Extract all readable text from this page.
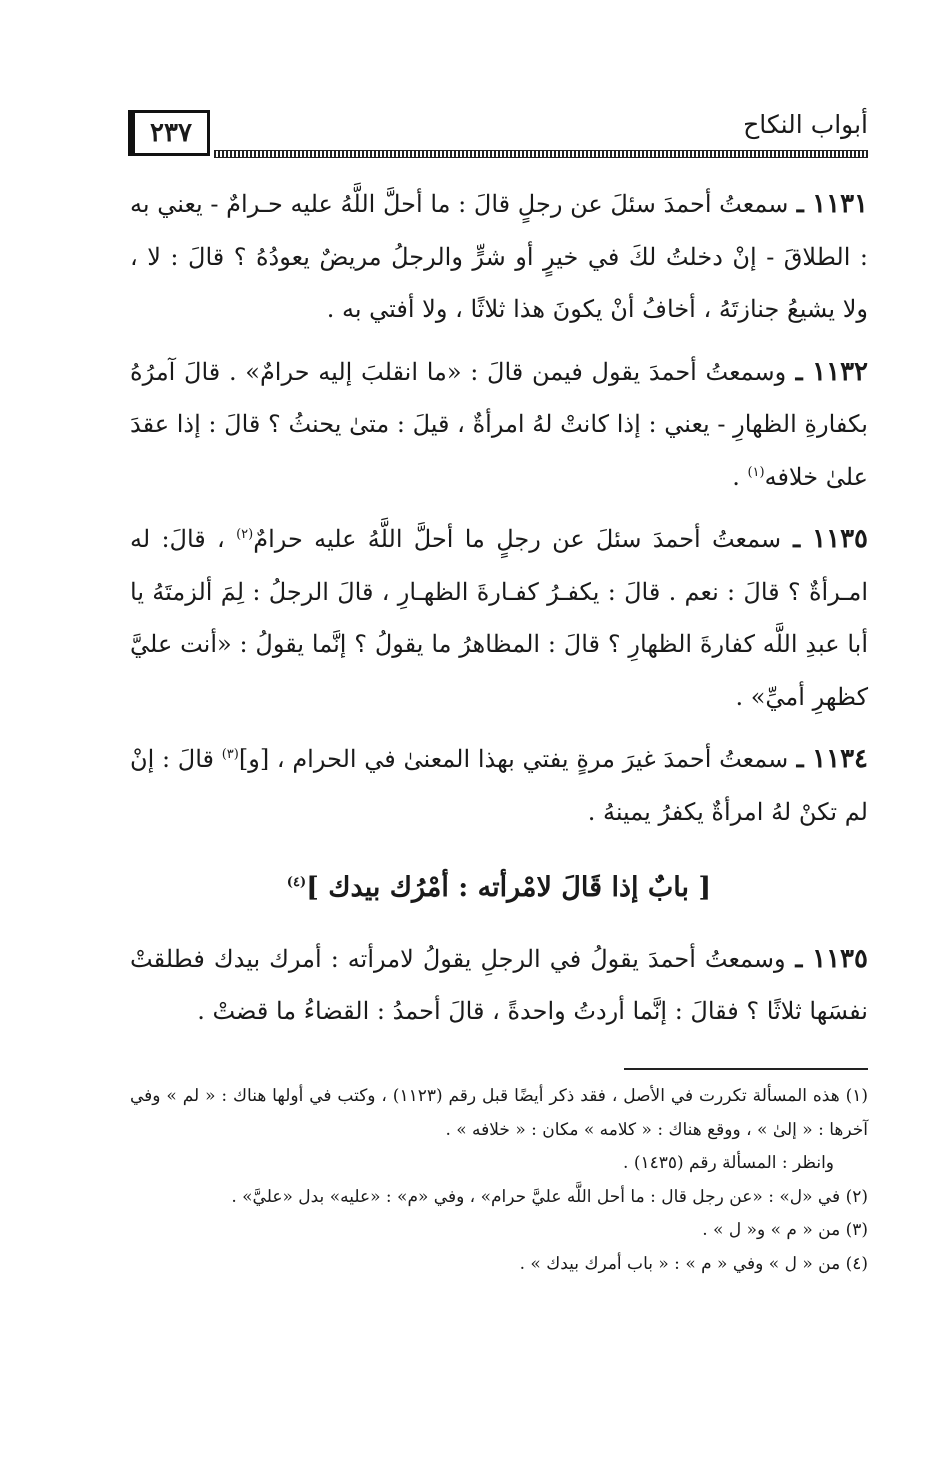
٢٣٧	أبواب النكاح

١١٣١ ـ سمعتُ أحمدَ سئلَ عن رجلٍ قالَ : ما أحلَّ اللَّهُ عليه حـرامٌ - يعني به : الطلاقَ - إنْ دخلتُ لكَ في خيرٍ أو شرٍّ والرجلُ مريضٌ يعودُهُ ؟ قالَ : لا ، ولا يشيعُ جنازتَهُ ، أخافُ أنْ يكونَ هذا ثلاثًا ، ولا أفتي به .

١١٣٢ ـ وسمعتُ أحمدَ يقول فيمن قالَ : «ما انقلبَ إليه حرامٌ» . قالَ آمرُهُ بكفارةِ الظهارِ - يعني : إذا كانتْ لهُ امرأةٌ ، قيلَ : متىٰ يحنثُ ؟ قالَ : إذا عقدَ علىٰ خلافه$^{(١)}$ .

١١٣٥ ـ سمعتُ أحمدَ سئلَ عن رجلٍ ما أحلَّ اللَّهُ عليه حرامٌ$^{(٢)}$ ، قالَ: له امـرأةٌ ؟ قالَ : نعم . قالَ : يكفـرُ كفـارةَ الظهـارِ ، قالَ الرجلُ : لِمَ ألزمتَهُ يا أبا عبدِ اللَّه كفارةَ الظهارِ ؟ قالَ : المظاهرُ ما يقولُ ؟ إنَّما يقولُ : «أنت عليَّ كظهرِ أميِّ» .

١١٣٤ ـ سمعتُ أحمدَ غيرَ مرةٍ يفتي بهذا المعنىٰ في الحرام ، [و]$^{(٣)}$ قالَ : إنْ لم تكنْ لهُ امرأةٌ يكفرُ يمينهُ .

[ بابٌ إذا قَالَ لامْرأته : أمْرُك بيدك ]$^{(٤)}$

١١٣٥ ـ وسمعتُ أحمدَ يقولُ في الرجلِ يقولُ لامرأته : أمرك بيدك فطلقتْ نفسَها ثلاثًا ؟ فقالَ : إنَّما أردتُ واحدةً ، قالَ أحمدُ : القضاءُ ما قضتْ .

(١) هذه المسألة تكررت في الأصل ، فقد ذكر أيضًا قبل رقم (١١٢٣) ، وكتب في أولها هناك : « لم » وفي آخرها : « إلىٰ » ، ووقع هناك : « كلامه » مكان : « خلافه » .

وانظر : المسألة رقم (١٤٣٥) .

(٢) في «ل» : «عن رجل قال : ما أحل اللَّه عليَّ حرام» ، وفي «م» : «عليه» بدل «عليَّ» .

(٣) من « م » و« ل » .

(٤) من « ل » وفي « م » : « باب أمرك بيدك » .
